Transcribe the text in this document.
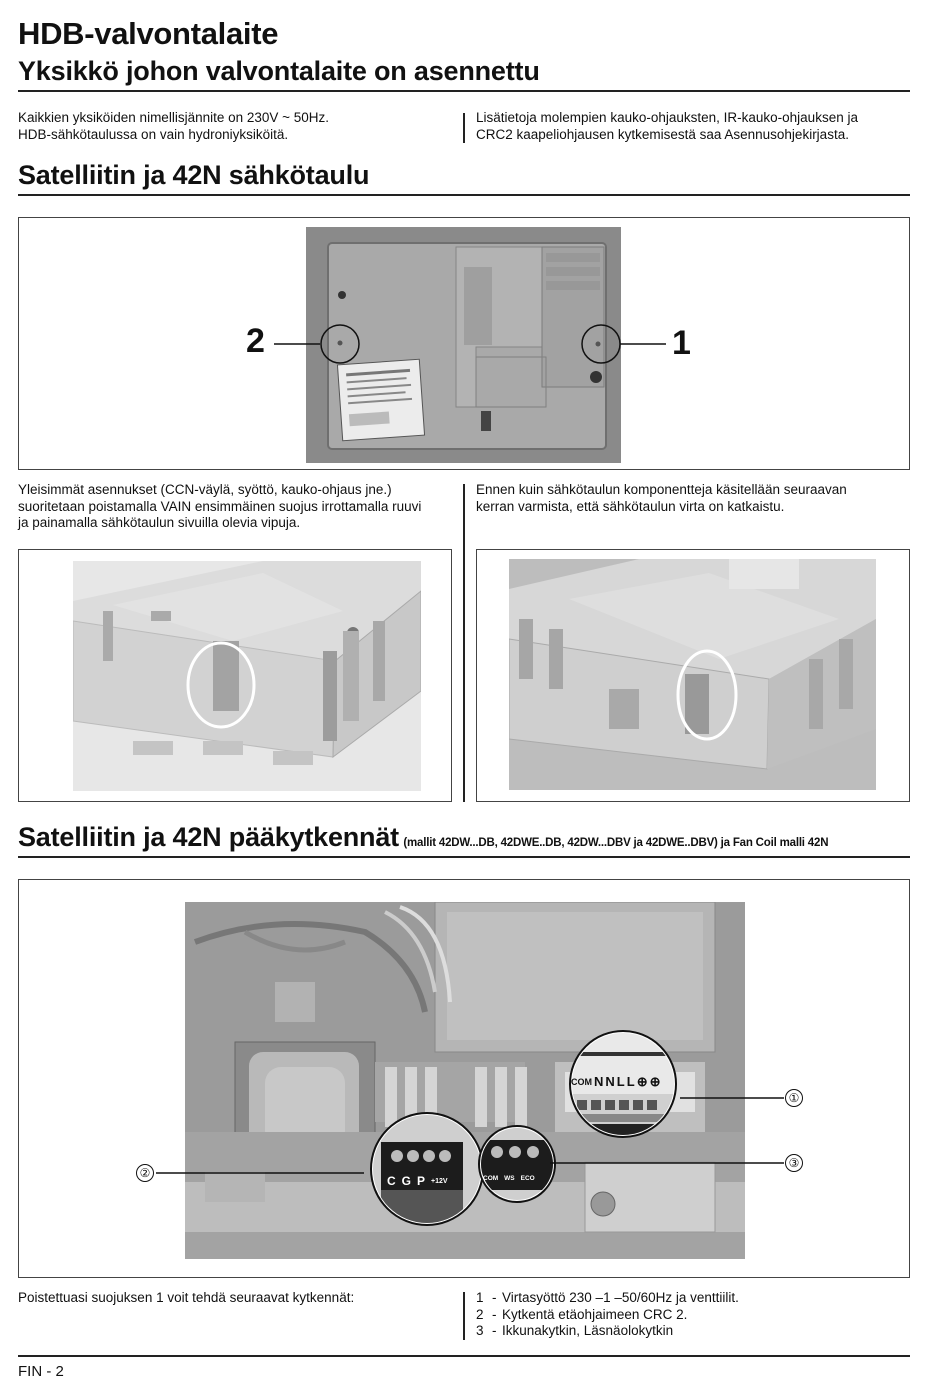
HDB-valvontalaite
Yksikkö johon valvontalaite on asennettu
Kaikkien yksiköiden nimellisjännite on 230V ~ 50Hz.
HDB-sähkötaulussa on vain hydroniyksiköitä.
Lisätietoja molempien kauko-ohjauksten, IR-kauko-ohjauksen ja
CRC2 kaapeliohjausen kytkemisestä saa Asennusohjekirjasta.
Satelliitin ja 42N sähkötaulu
2	1
Yleisimmät asennukset (CCN-väylä, syöttö, kauko-ohjaus jne.)
suoritetaan poistamalla VAIN ensimmäinen suojus irrottamalla ruuvi
ja painamalla sähkötaulun sivuilla olevia vipuja.
Ennen kuin sähkötaulun komponentteja käsitellään seuraavan
kerran varmista, että sähkötaulun virta on katkaistu.
Satelliitin ja 42N pääkytkennät (mallit 42DW...DB, 42DWE..DB, 42DW...DBV ja 42DWE..DBV) ja Fan Coil malli 42N
COM N N L L ⊕ ⊕
C G P +12V	COM WS ECO
①
②
③
Poistettuasi suojuksen 1 voit tehdä seuraavat kytkennät:	1 - Virtasyöttö 230 –1 –50/60Hz ja venttiilit.
2 - Kytkentä etäohjaimeen CRC 2.
3 - Ikkunakytkin, Läsnäolokytkin
FIN - 2
